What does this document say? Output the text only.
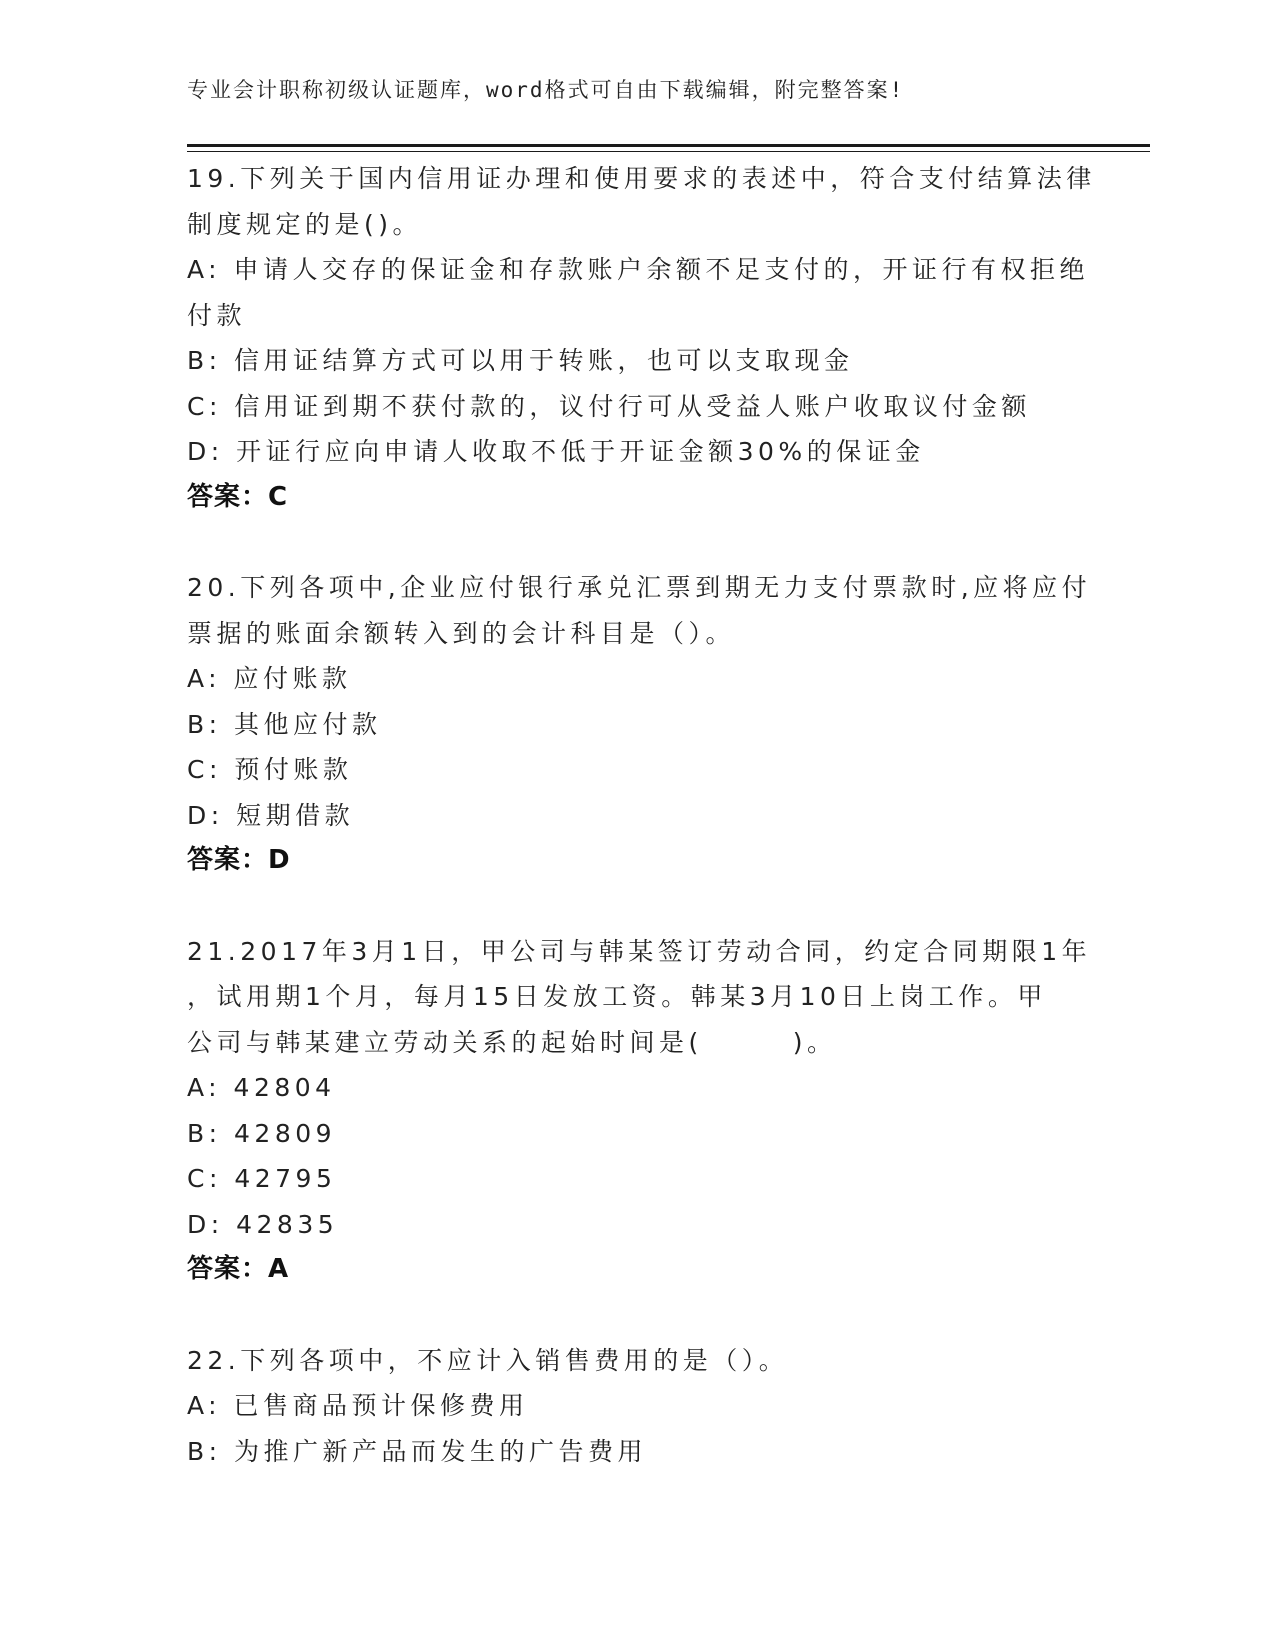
专业会计职称初级认证题库，word格式可自由下载编辑，附完整答案!
19.下列关于国内信用证办理和使用要求的表述中，符合支付结算法律
制度规定的是()。
A: 申请人交存的保证金和存款账户余额不足支付的，开证行有权拒绝
付款
B: 信用证结算方式可以用于转账，也可以支取现金
C: 信用证到期不获付款的，议付行可从受益人账户收取议付金额
D: 开证行应向申请人收取不低于开证金额30%的保证金
答案：C
20.下列各项中,企业应付银行承兑汇票到期无力支付票款时,应将应付
票据的账面余额转入到的会计科目是（）。
A: 应付账款
B: 其他应付款
C: 预付账款
D: 短期借款
答案：D
21.2017年3月1日，甲公司与韩某签订劳动合同，约定合同期限1年
，试用期1个月，每月15日发放工资。韩某3月10日上岗工作。甲
公司与韩某建立劳动关系的起始时间是(	)。
A: 42804
B: 42809
C: 42795
D: 42835
答案：A
22.下列各项中，不应计入销售费用的是（）。
A: 已售商品预计保修费用
B: 为推广新产品而发生的广告费用
